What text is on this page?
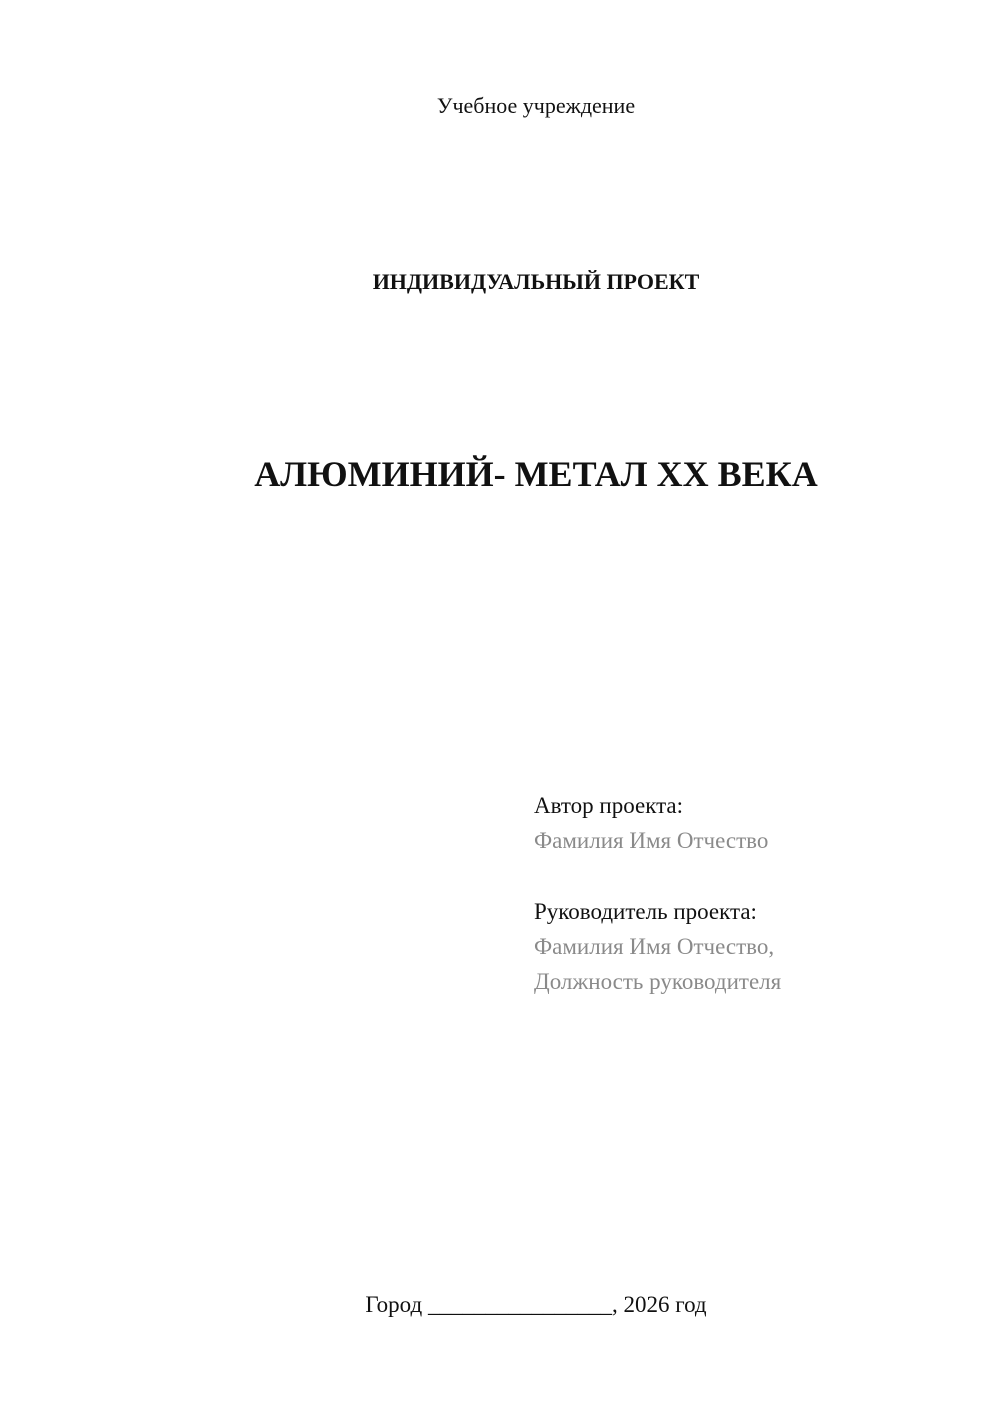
Учебное учреждение
ИНДИВИДУАЛЬНЫЙ ПРОЕКТ
АЛЮМИНИЙ- МЕТАЛ ХХ ВЕКА
Автор проекта:
Фамилия Имя Отчество
Руководитель проекта:
Фамилия Имя Отчество,
Должность руководителя
Город ________________, 2026 год
